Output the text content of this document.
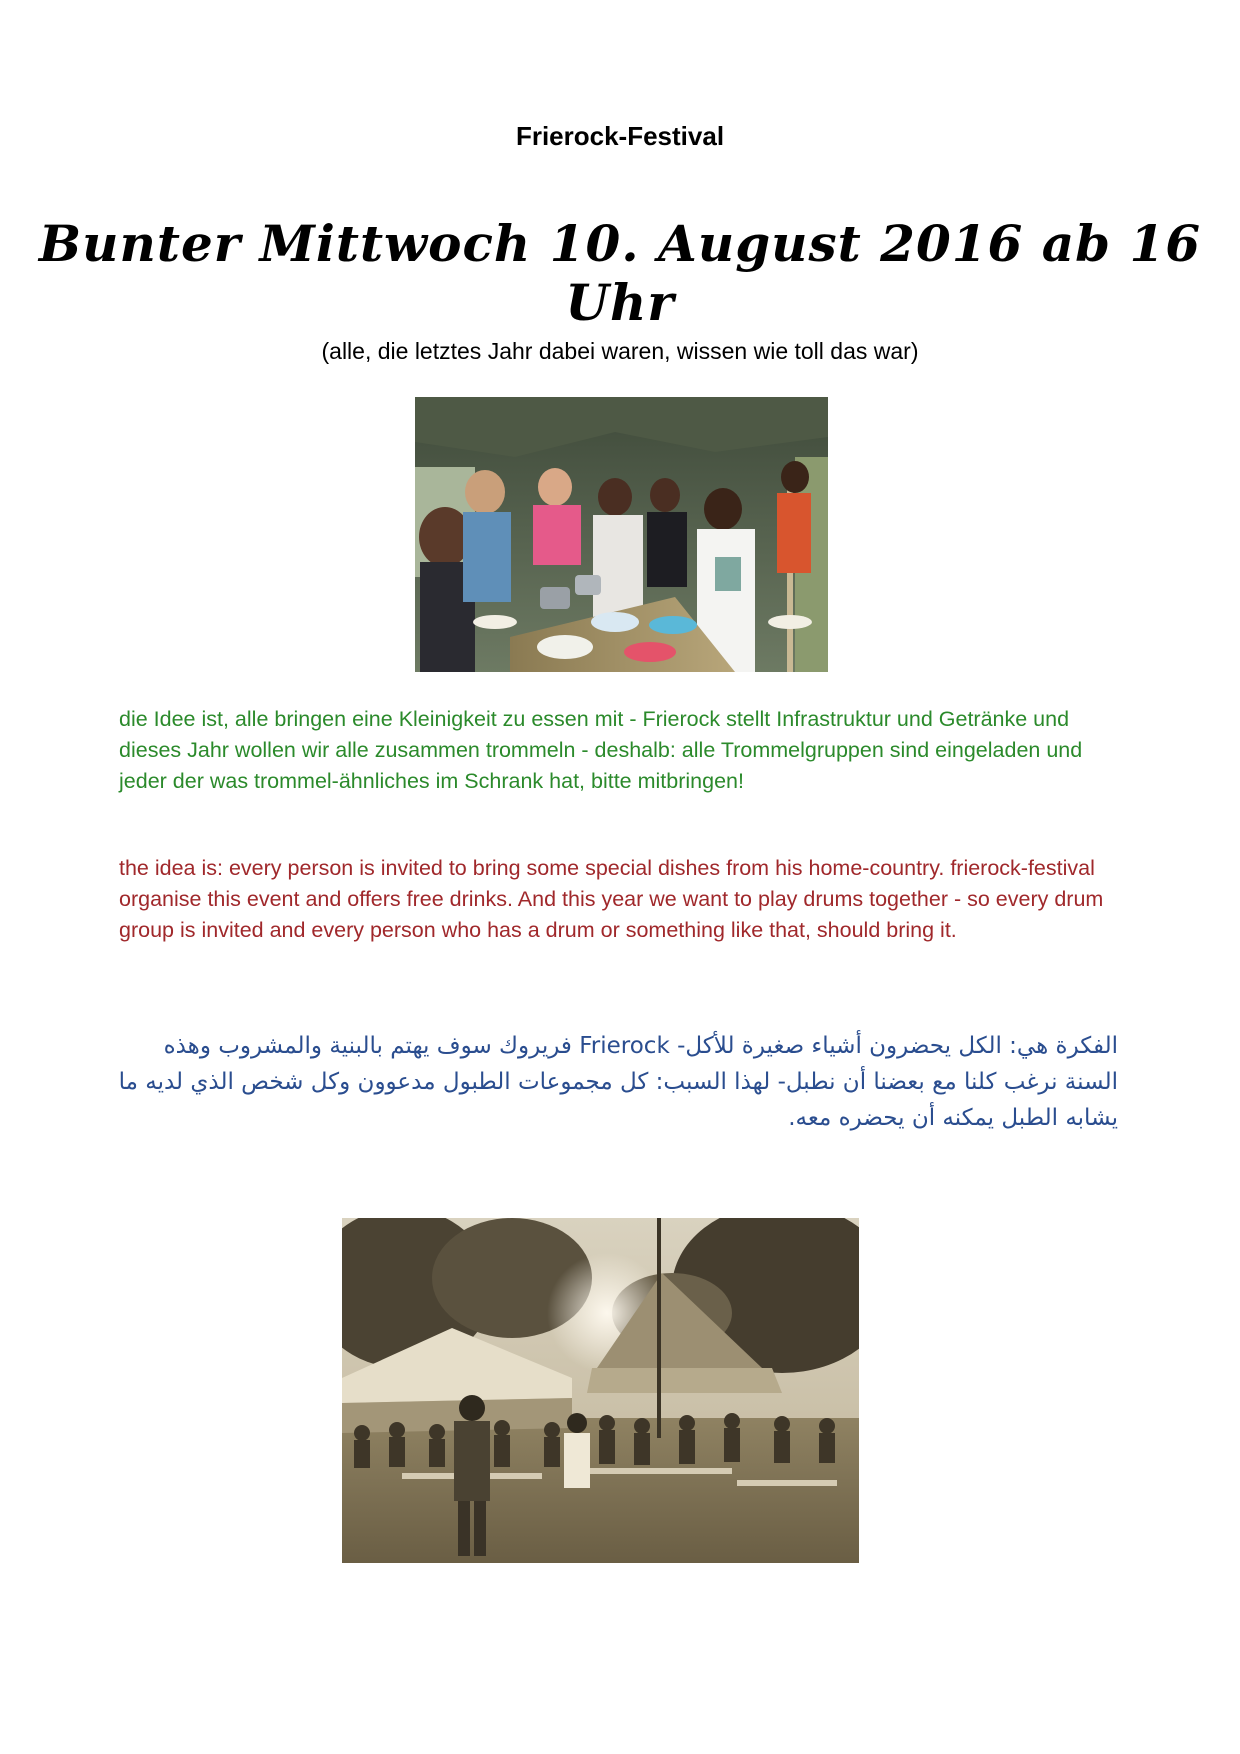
Frierock-Festival
Bunter Mittwoch 10. August 2016 ab 16 Uhr
(alle, die letztes Jahr dabei waren, wissen wie toll das war)
die Idee ist, alle bringen eine Kleinigkeit zu essen mit - Frierock stellt Infrastruktur und Getränke und dieses Jahr wollen wir alle zusammen trommeln - deshalb: alle Trommelgruppen sind eingeladen und jeder der was trommel-ähnliches im Schrank hat, bitte mitbringen!
the idea is: every person is invited to bring some special dishes from his home-country. frierock-festival organise this event and offers free drinks. And this year we want to play drums together - so every drum group is invited and every person who has a drum or something like that, should bring it.
الفكرة هي: الكل يحضرون أشياء صغيرة للأكل- Frierock فريروك سوف يهتم بالبنية والمشروب وهذه السنة نرغب كلنا مع بعضنا أن نطبل- لهذا السبب: كل مجموعات الطبول مدعوون وكل شخص الذي لديه ما يشابه الطبل يمكنه أن يحضره معه.
